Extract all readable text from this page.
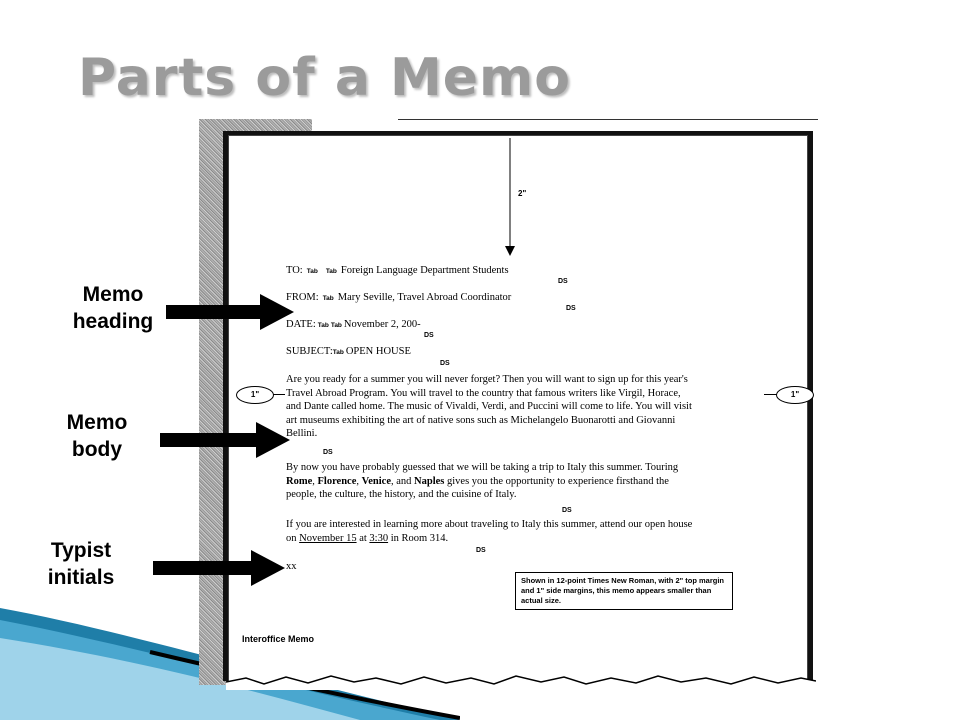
Parts of a Memo
2"
TO: Tab Tab Foreign Language Department Students
DS
FROM: Tab Mary Seville, Travel Abroad Coordinator
DS
DATE: Tab Tab November 2, 200-
DS
SUBJECT:Tab OPEN HOUSE
DS
1"	1"
Are you ready for a summer you will never forget? Then you will want to sign up for this year's
Travel Abroad Program. You will travel to the country that famous writers like Virgil, Horace,
and Dante called home. The music of Vivaldi, Verdi, and Puccini will come to life. You will visit
art museums exhibiting the art of native sons such as Michelangelo Buonarotti and Giovanni
Bellini.
DS
By now you have probably guessed that we will be taking a trip to Italy this summer. Touring
Rome, Florence, Venice, and Naples gives you the opportunity to experience firsthand the
people, the culture, the history, and the cuisine of Italy.
DS
If you are interested in learning more about traveling to Italy this summer, attend our open house
on November 15 at 3:30 in Room 314.
DS
xx
Shown in 12-point Times New Roman, with 2" top margin and 1" side margins, this memo appears smaller than actual size.
Interoffice Memo
Memo
heading
Memo
body
Typist
initials
